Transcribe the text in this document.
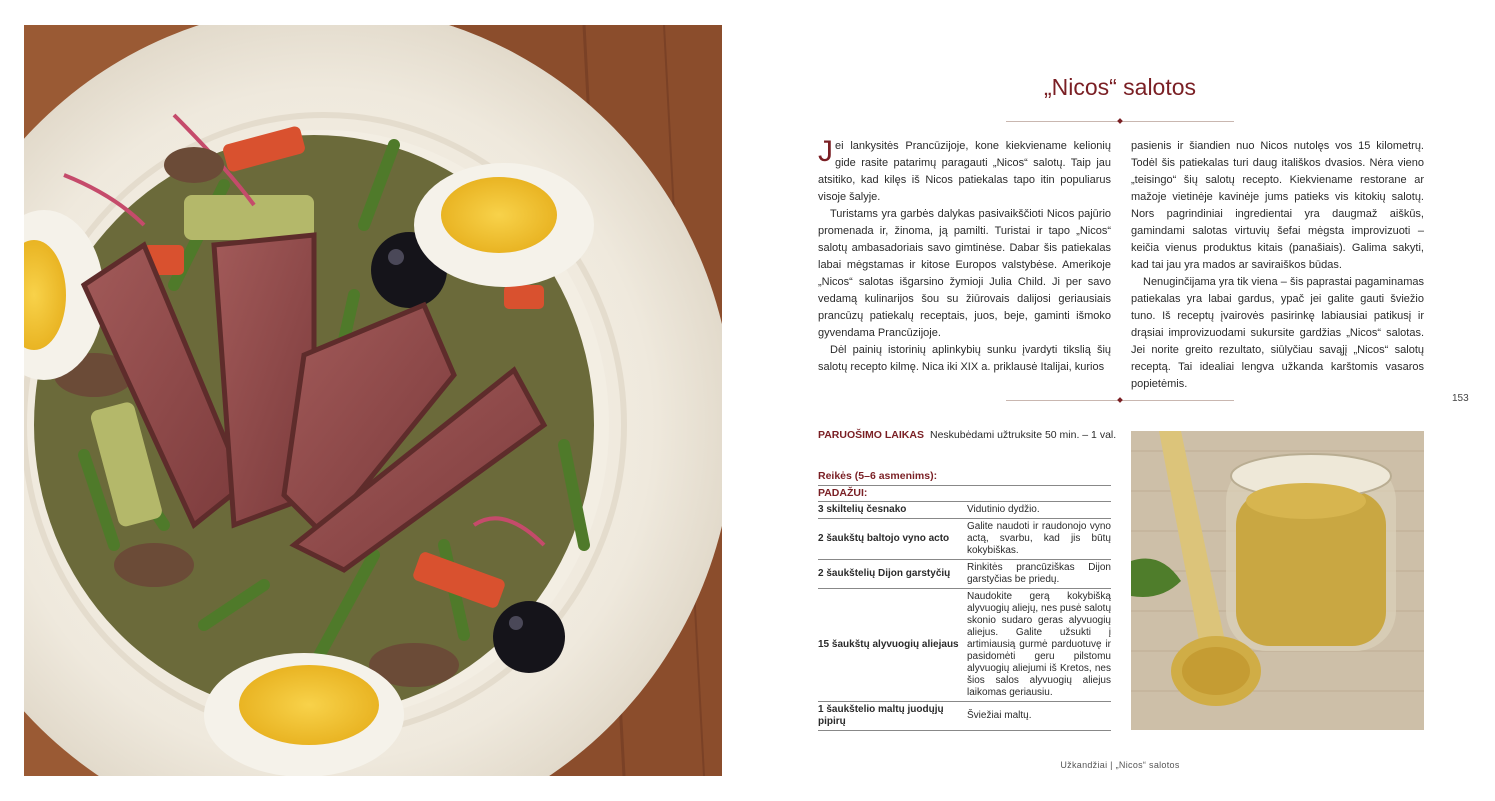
„Nicos“ salotos

Jei lankysitės Prancūzijoje, kone kiekviename kelionių gide rasite patarimų paragauti „Nicos“ salotų. Taip jau atsitiko, kad kilęs iš Nicos patiekalas tapo itin populiarus visoje šalyje.

Turistams yra garbės dalykas pasivaikščioti Nicos pajūrio promenada ir, žinoma, ją pamilti. Turistai ir tapo „Nicos“ salotų ambasadoriais savo gimtinėse. Dabar šis patiekalas labai mėgstamas ir kitose Europos valstybėse. Amerikoje „Nicos“ salotas išgarsino žymioji Julia Child. Ji per savo vedamą kulinarijos šou su žiūrovais dalijosi geriausiais prancūzų patiekalų receptais, juos, beje, gaminti išmoko gyvendama Prancūzijoje.

Dėl painių istorinių aplinkybių sunku įvardyti tikslią šių salotų recepto kilmę. Nica iki XIX a. priklausė Italijai, kurios

pasienis ir šiandien nuo Nicos nutolęs vos 15 kilometrų. Todėl šis patiekalas turi daug itališkos dvasios. Nėra vieno „teisingo“ šių salotų recepto. Kiekviename restorane ar mažoje vietinėje kavinėje jums patieks vis kitokių salotų. Nors pagrindiniai ingredientai yra daugmaž aiškūs, gamindami salotas virtuvių šefai mėgsta improvizuoti – keičia vienus produktus kitais (panašiais). Galima sakyti, kad tai jau yra mados ar saviraiškos būdas.

Nenuginčijama yra tik viena – šis paprastai pagaminamas patiekalas yra labai gardus, ypač jei galite gauti šviežio tuno. Iš receptų įvairovės pasirinkę labiausiai patikusį ir drąsiai improvizuodami sukursite gardžias „Nicos“ salotas. Jei norite greito rezultato, siūlyčiau savąjį „Nicos“ salotų receptą. Tai idealiai lengva užkanda karštomis vasaros popietėmis.

153
PARUOŠIMO LAIKAS Neskubėdami užtruksite 50 min. – 1 val.
Reikės (5–6 asmenims):
PADAŽUI:
3 skiltelių česnako	Vidutinio dydžio.
2 šaukštų baltojo vyno acto	Galite naudoti ir raudonojo vyno actą, svarbu, kad jis būtų kokybiškas.
2 šaukštelių Dijon garstyčių	Rinkitės prancūziškas Dijon garstyčias be priedų.
15 šaukštų alyvuogių aliejaus	Naudokite gerą kokybišką alyvuogių aliejų, nes pusė salotų skonio sudaro geras alyvuogių aliejus. Galite užsukti į artimiausią gurmė parduotuvę ir pasidomėti geru pilstomu alyvuogių aliejumi iš Kretos, nes šios salos alyvuogių aliejus laikomas geriausiu.
1 šaukštelio maltų juodųjų pipirų	Šviežiai maltų.
Užkandžiai | „Nicos“ salotos
